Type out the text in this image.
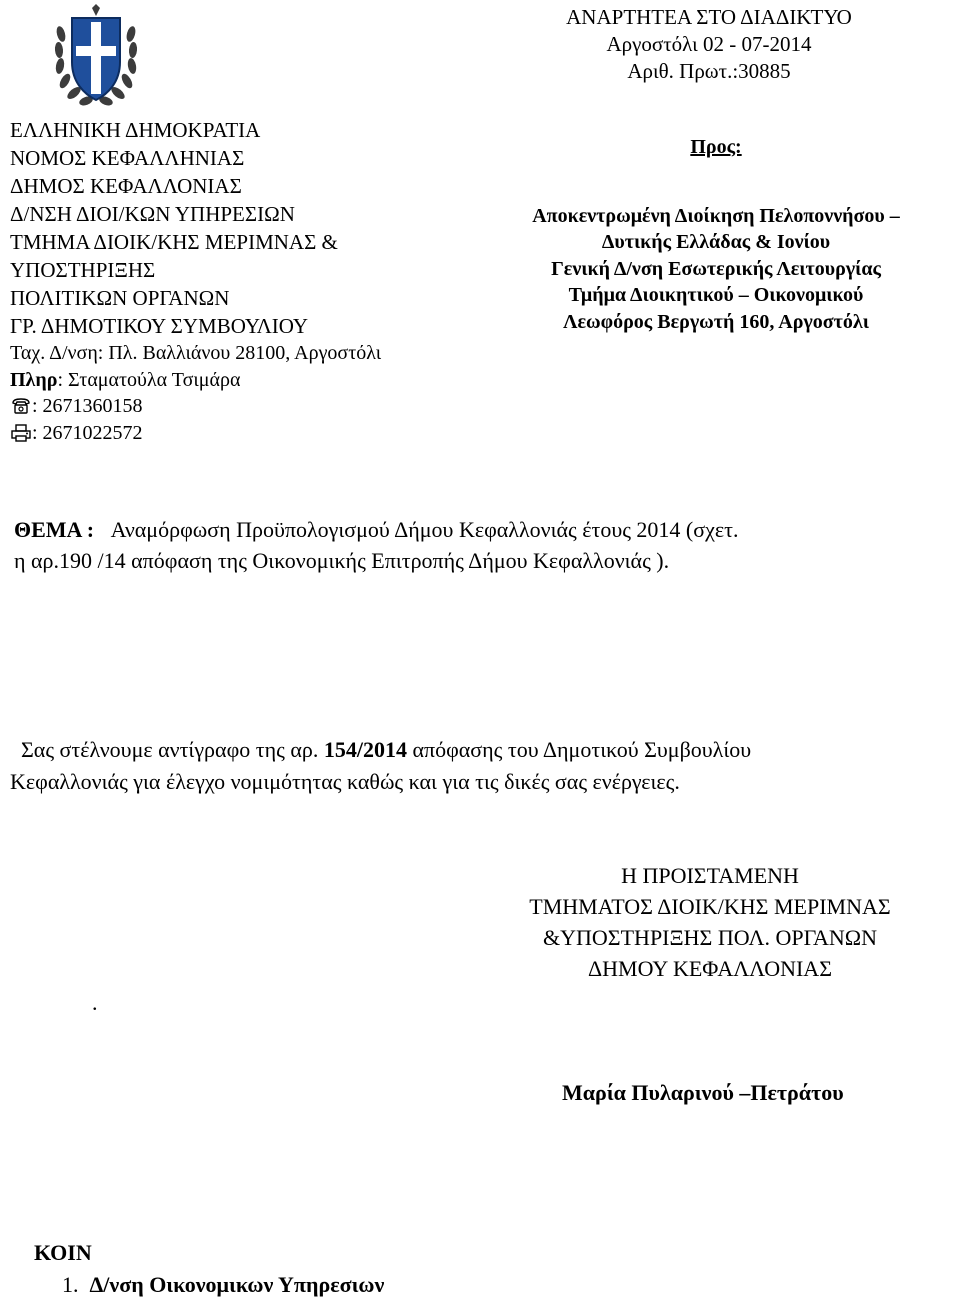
ΑΝΑΡΤΗΤΕΑ ΣΤΟ ΔΙΑΔΙΚΤΥΟ
Αργοστόλι 02 - 07-2014
Αριθ. Πρωτ.:30885
ΕΛΛΗΝΙΚΗ ΔΗΜΟΚΡΑΤΙΑ
ΝΟΜΟΣ ΚΕΦΑΛΛΗΝΙΑΣ
ΔΗΜΟΣ ΚΕΦΑΛΛΟΝΙΑΣ
Δ/ΝΣΗ ΔΙΟΙ/ΚΩΝ ΥΠΗΡΕΣΙΩΝ
ΤΜΗΜΑ ΔΙΟΙΚ/ΚΗΣ ΜΕΡΙΜΝΑΣ &
ΥΠΟΣΤΗΡΙΞΗΣ
ΠΟΛΙΤΙΚΩΝ ΟΡΓΑΝΩΝ
ΓΡ. ΔΗΜΟΤΙΚΟΥ ΣΥΜΒΟΥΛΙΟΥ
Ταχ. Δ/νση: Πλ. Βαλλιάνου 28100, Αργοστόλι
Πληρ: Σταματούλα Τσιμάρα
: 2671360158
: 2671022572
Προς:
Αποκεντρωμένη Διοίκηση Πελοποννήσου –
Δυτικής Ελλάδας & Ιονίου
Γενική Δ/νση Εσωτερικής Λειτουργίας
Τμήμα Διοικητικού – Οικονομικού
Λεωφόρος Βεργωτή 160, Αργοστόλι
ΘΕΜΑ : Αναμόρφωση Προϋπολογισμού Δήμου Κεφαλλονιάς έτους 2014 (σχετ.
η αρ.190 /14 απόφαση της Οικονομικής Επιτροπής Δήμου Κεφαλλονιάς ).
Σας στέλνουμε αντίγραφο της αρ. 154/2014 απόφασης του Δημοτικού Συμβουλίου
Κεφαλλονιάς για έλεγχο νομιμότητας καθώς και για τις δικές σας ενέργειες.
Η ΠΡΟΙΣΤΑΜΕΝΗ
ΤΜΗΜΑΤΟΣ ΔΙΟΙΚ/ΚΗΣ ΜΕΡΙΜΝΑΣ
&ΥΠΟΣΤΗΡΙΞΗΣ ΠΟΛ. ΟΡΓΑΝΩΝ
ΔΗΜΟΥ ΚΕΦΑΛΛΟΝΙΑΣ
.
Μαρία Πυλαρινού –Πετράτου
ΚΟΙΝ
1. Δ/νση Οικονομικων Υπηρεσιων
